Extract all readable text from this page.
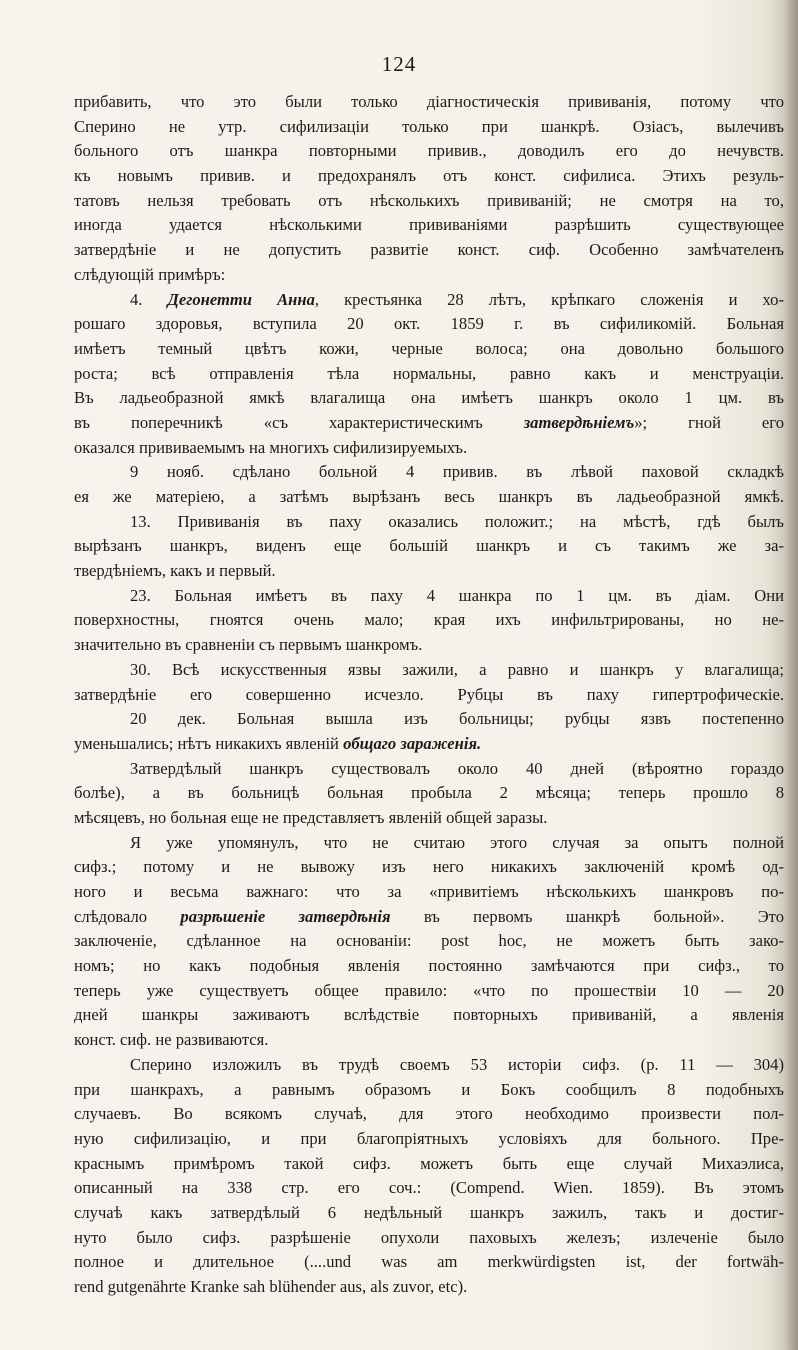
124
прибавить, что это были только діагностическія прививанія, потому что
Сперино не утр. сифилизаціи только при шанкрѣ. Озіасъ, вылечивъ
больного отъ шанкра повторными привив., доводилъ его до нечувств.
къ новымъ привив. и предохранялъ отъ конст. сифилиса. Этихъ резуль-
татовъ нельзя требовать отъ нѣсколькихъ прививаній; не смотря на то,
иногда удается нѣсколькими прививаніями разрѣшить существующее
затвердѣніе и не допустить развитіе конст. сиф. Особенно замѣчателенъ
слѣдующій примѣръ:
4. Дегонетти Анна, крестьянка 28 лѣтъ, крѣпкаго сложенія и хо-
рошаго здоровья, вступила 20 окт. 1859 г. въ сифиликомій. Больная
имѣетъ темный цвѣтъ кожи, черные волоса; она довольно большого
роста; всѣ отправленія тѣла нормальны, равно какъ и менструаціи.
Въ ладьеобразной ямкѣ влагалища она имѣетъ шанкръ около 1 цм. въ
въ поперечникѣ «съ характеристическимъ затвердѣніемъ»; гной его
оказался прививаемымъ на многихъ сифилизируемыхъ.
9 нояб. сдѣлано больной 4 привив. въ лѣвой паховой складкѣ
ея же матеріею, а затѣмъ вырѣзанъ весь шанкръ въ ладьеобразной ямкѣ.
13. Прививанія въ паху оказались положит.; на мѣстѣ, гдѣ былъ
вырѣзанъ шанкръ, виденъ еще большій шанкръ и съ такимъ же за-
твердѣніемъ, какъ и первый.
23. Больная имѣетъ въ паху 4 шанкра по 1 цм. въ діам. Они
поверхностны, гноятся очень мало; края ихъ инфильтрированы, но не-
значительно въ сравненіи съ первымъ шанкромъ.
30. Всѣ искусственныя язвы зажили, а равно и шанкръ у влагалища;
затвердѣніе его совершенно исчезло. Рубцы въ паху гипертрофическіе.
20 дек. Больная вышла изъ больницы; рубцы язвъ постепенно
уменьшались; нѣтъ никакихъ явленій общаго зараженія.
Затвердѣлый шанкръ существовалъ около 40 дней (вѣроятно гораздо
болѣе), а въ больницѣ больная пробыла 2 мѣсяца; теперь прошло 8
мѣсяцевъ, но больная еще не представляетъ явленій общей заразы.
Я уже упомянулъ, что не считаю этого случая за опытъ полной
сифз.; потому и не вывожу изъ него никакихъ заключеній кромѣ од-
ного и весьма важнаго: что за «привитіемъ нѣсколькихъ шанкровъ по-
слѣдовало разрѣшеніе затвердѣнія въ первомъ шанкрѣ больной». Это
заключеніе, сдѣланное на основаніи: post hoc, не можетъ быть зако-
номъ; но какъ подобныя явленія постоянно замѣчаются при сифз., то
теперь уже существуетъ общее правило: «что по прошествіи 10 — 20
дней шанкры заживаютъ вслѣдствіе повторныхъ прививаній, а явленія
конст. сиф. не развиваются.
Сперино изложилъ въ трудѣ своемъ 53 исторіи сифз. (р. 11 — 304)
при шанкрахъ, а равнымъ образомъ и Бокъ сообщилъ 8 подобныхъ
случаевъ. Во всякомъ случаѣ, для этого необходимо произвести пол-
ную сифилизацію, и при благопріятныхъ условіяхъ для больного. Пре-
краснымъ примѣромъ такой сифз. можетъ быть еще случай Михаэлиса,
описанный на 338 стр. его соч.: (Compend. Wien. 1859). Въ этомъ
случаѣ какъ затвердѣлый 6 недѣльный шанкръ зажилъ, такъ и достиг-
нуто было сифз. разрѣшеніе опухоли паховыхъ железъ; излеченіе было
полное и длительное (....und was am merkwürdigsten ist, der fortwäh-
rend gutgenährte Kranke sah blühender aus, als zuvor, etc).
